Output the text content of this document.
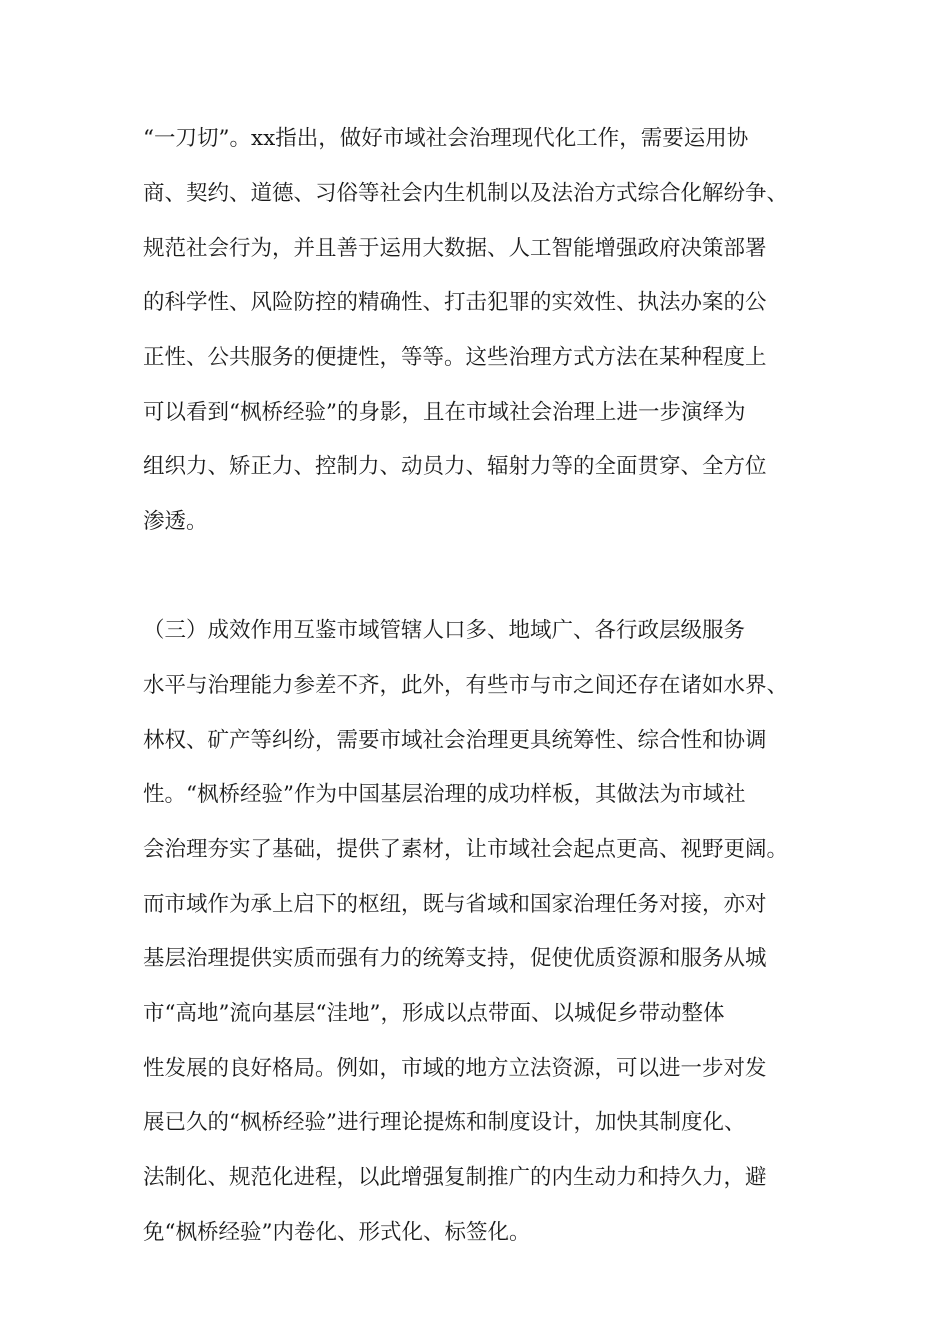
“一刀切”。xx指出，做好市域社会治理现代化工作，需要运用协
商、契约、道德、习俗等社会内生机制以及法治方式综合化解纷争、
规范社会行为，并且善于运用大数据、人工智能增强政府决策部署
的科学性、风险防控的精确性、打击犯罪的实效性、执法办案的公
正性、公共服务的便捷性，等等。这些治理方式方法在某种程度上
可以看到“枫桥经验”的身影，且在市域社会治理上进一步演绎为
组织力、矫正力、控制力、动员力、辐射力等的全面贯穿、全方位
渗透。
（三）成效作用互鉴市域管辖人口多、地域广、各行政层级服务
水平与治理能力参差不齐，此外，有些市与市之间还存在诸如水界、
林权、矿产等纠纷，需要市域社会治理更具统筹性、综合性和协调
性。“枫桥经验”作为中国基层治理的成功样板，其做法为市域社
会治理夯实了基础，提供了素材，让市域社会起点更高、视野更阔。
而市域作为承上启下的枢纽，既与省域和国家治理任务对接，亦对
基层治理提供实质而强有力的统筹支持，促使优质资源和服务从城
市“高地”流向基层“洼地”，形成以点带面、以城促乡带动整体
性发展的良好格局。例如，市域的地方立法资源，可以进一步对发
展已久的“枫桥经验”进行理论提炼和制度设计，加快其制度化、
法制化、规范化进程，以此增强复制推广的内生动力和持久力，避
免“枫桥经验”内卷化、形式化、标签化。
